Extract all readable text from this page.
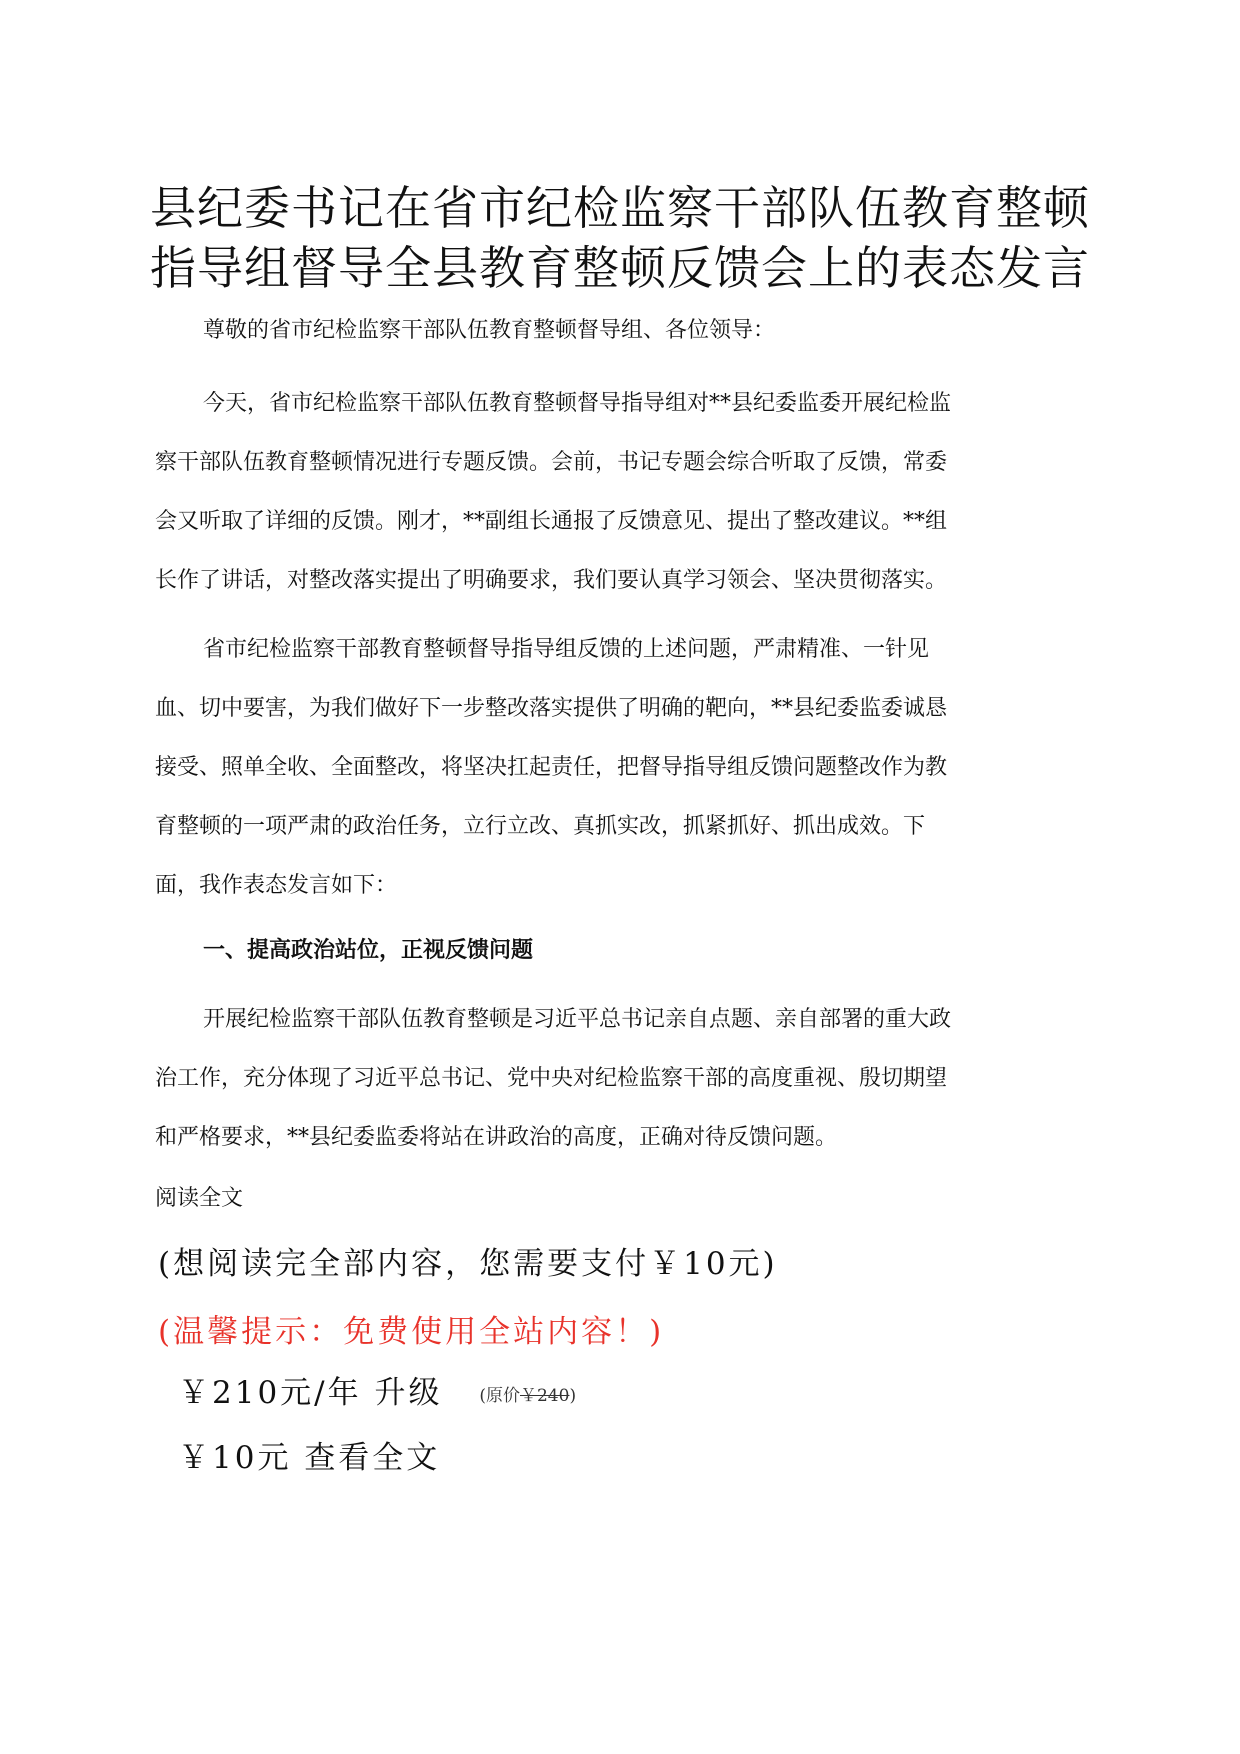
县纪委书记在省市纪检监察干部队伍教育整顿
指导组督导全县教育整顿反馈会上的表态发言
尊敬的省市纪检监察干部队伍教育整顿督导组、各位领导：

今天，省市纪检监察干部队伍教育整顿督导指导组对**县纪委监委开展纪检监
察干部队伍教育整顿情况进行专题反馈。会前，书记专题会综合听取了反馈，常委
会又听取了详细的反馈。刚才，**副组长通报了反馈意见、提出了整改建议。**组
长作了讲话，对整改落实提出了明确要求，我们要认真学习领会、坚决贯彻落实。

省市纪检监察干部教育整顿督导指导组反馈的上述问题，严肃精准、一针见
血、切中要害，为我们做好下一步整改落实提供了明确的靶向，**县纪委监委诚恳
接受、照单全收、全面整改，将坚决扛起责任，把督导指导组反馈问题整改作为教
育整顿的一项严肃的政治任务，立行立改、真抓实改，抓紧抓好、抓出成效。下
面，我作表态发言如下：

一、提高政治站位，正视反馈问题

开展纪检监察干部队伍教育整顿是习近平总书记亲自点题、亲自部署的重大政
治工作，充分体现了习近平总书记、党中央对纪检监察干部的高度重视、殷切期望
和严格要求，**县纪委监委将站在讲政治的高度，正确对待反馈问题。

阅读全文
(想阅读完全部内容，您需要支付￥10元)
(温馨提示：免费使用全站内容！)
￥210元/年 升级 (原价￥240)
￥10元 查看全文
